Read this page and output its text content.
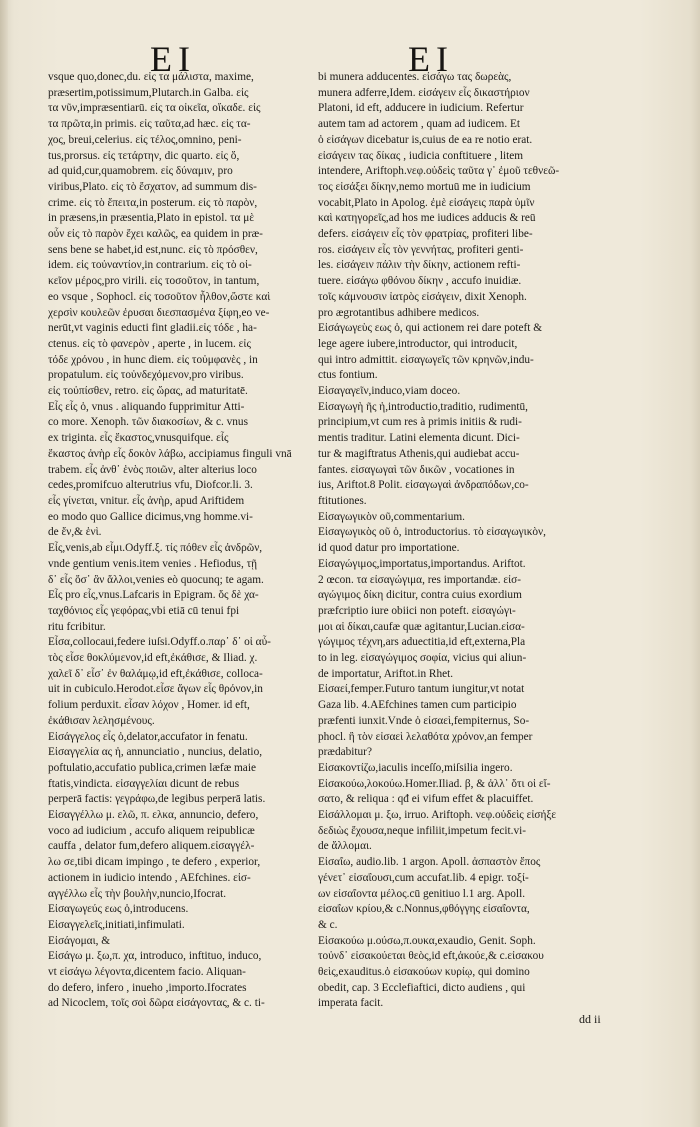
EI	EI
vsque quo,donec,du. εἰς τα μάλιστα, maxime,
præsertim,potissimum,Plutarch.in Galba. εἰς
τα νῦν,impræsentiarū. εἰς τα οἰκεῖα, οἴκαδε. εἰς
τα πρῶτα,in primis. εἰς ταῦτα,ad hæc. εἰς τα-
χος, breui,celerius. εἰς τέλος,omnino, peni-
tus,prorsus. εἰς τετάρτην, dic quarto. εἰς ὅ,
ad quid,cur,quamobrem. εἰς δύναμιν, pro
viribus,Plato. εἰς τὸ ἔσχατον, ad summum dis-
crime. εἰς τὸ ἔπειτα,in posterum. εἰς τὸ παρὸν,
in præsens,in præsentia,Plato in epistol. τα μὲ
οὖν εἰς τὸ παρὸν ἔχει καλῶς, ea quidem in præ-
sens bene se habet,id est,nunc. εἰς τὸ πρόσθεν,
idem. εἰς τοὐναντίον,in contrarium. εἰς τὸ οἰ-
κεῖον μέρος,pro virili. εἰς τοσοῦτον, in tantum,
eo vsque , Sophocl. εἰς τοσοῦτον ἦλθον,ὥστε καὶ
χερσὶν κουλεῶν ἐρυσαι διεσπασμένα ξίφη,eo ve-
nerūt,vt vaginis educti fint gladii.εἰς τόδε , ha-
ctenus. εἰς τὸ φανερὸν , aperte , in lucem. εἰς
τόδε χρόνου , in hunc diem. εἰς τοὐμφανὲς , in
propatulum. εἰς τοὐνδεχόμενον,pro viribus.
εἰς τοὐπίσθεν, retro. εἰς ὥρας, ad maturitatē.
Εἷς εἷς ὁ, vnus . aliquando fupprimitur Atti-
co more. Xenoph. τῶν διακοσίων, & c. vnus
ex triginta. εἷς ἕκαστος,vnusquifque. εἷς
ἕκαστος ἀνὴρ εἷς δοκὸν λάβω, accipiamus finguli vnā
trabem. εἷς ἀνθ᾽ ἑνὸς ποιῶν, alter alterius loco
cedes,promifcuo alterutrius vfu, Diofcor.li. 3.
εἷς γίνεται, vnitur. εἷς ἀνὴρ, apud Ariftidem
eo modo quo Gallice dicimus,vng homme.vi-
de ἕν,& ἑνὶ.
Εἷς,venis,ab εἶμι.Odyff.ξ. τίς πόθεν εἷς ἀνδρῶν,
vnde gentium venis.item venies . Hefiodus, τῇ
δ᾽ εἷς ὅσ᾽ ἂν ἄλλοι,venies eò quocunq; te agam.
Εἷς pro εἷς,vnus.Lafcaris in Epigram. ὅς δὲ χα-
ταχθόνιος εἷς γεφόρας,vbi etiā cū tenui fpi
ritu fcribitur.
Εἷσα,collocaui,federe iuſsi.Odyff.ο.παρ᾽ δ᾽ οἱ αὖ-
τὸς εἷσε θοκλύμενον,id eft,ἐκάθισε, & Iliad. χ.
χαλεῖ δ᾽ εἷσ᾽ ἐν θαλάμῳ,id eft,ἐκάθισε, colloca-
uit in cubiculo.Herodot.εἷσε ἄγων εἷς θρόνον,in
folium perduxit. εἷσαν λόχον , Homer. id eft,
ἐκάθισαν λελησμένους.
Εἰσάγγελος εἷς ὁ,delator,accufator in fenatu.
Εἰσαγγελία ας ἡ, annunciatio , nuncius, delatio,
poftulatio,accufatio publica,crimen læfæ maie
ftatis,vindicta. εἰσαγγελίαι dicunt de rebus
perperā factis: γεγράφω,de legibus perperā latis.
Εἰσαγγέλλω μ. ελῶ, π. ελκα, annuncio, defero,
voco ad iudicium , accufo aliquem reipublicæ
cauffa , delator fum,defero aliquem.εἰσαγγέλ-
λω σε,tibi dicam impingo , te defero , experior,
actionem in iudicio intendo , AEfchines. εἰσ-
αγγέλλω εἷς τὴν βουλὴν,nuncio,Ifocrat.
Εἰσαγωγεύς εως ὁ,introducens.
Εἰσαγγελεῖς,initiati,infimulati.
Εἰσάγομαι, &
Εἰσάγω μ. ξω,π. χα, introduco, inftituo, induco,
vt εἰσάγω λέγοντα,dicentem facio. Aliquan-
do defero, infero , inueho ,importo.Ifocrates
ad Nicoclem, τοῖς σοὶ δῶρα εἰσάγοντας, & c. ti-
bi munera adducentes. εἰσάγω τας δωρεὰς,
munera adferre,Idem. εἰσάγειν εἷς δικαστήριον
Platoni, id eft, adducere in iudicium. Refertur
autem tam ad actorem , quam ad iudicem. Et
ὁ εἰσάγων dicebatur is,cuius de ea re notio erat.
εἰσάγειν τας δίκας , iudicia conftituere , litem
intendere, Ariftoph.νεφ.οὐδεὶς ταῦτα γ᾽ ἐμοῦ τεθνεῶ-
τος εἰσάξει δίκην,nemo mortuū me in iudicium
vocabit,Plato in Apolog. ἐμὲ εἰσάγεις παρὰ ὑμῖν
καὶ κατηγορεῖς,ad hos me iudices adducis & reū
defers. εἰσάγειν εἷς τὸν φρατρίας, profiteri libe-
ros. εἰσάγειν εἷς τὸν γεννήτας, profiteri genti-
les. εἰσάγειν πάλιν τὴν δίκην, actionem refti-
tuere. εἰσάγω φθόνου δίκην , accufo inuidiæ.
τοῖς κάμνουσιν ἰατρὸς εἰσάγειν, dixit Xenoph.
pro ægrotantibus adhibere medicos.
Εἰσάγωγεὺς εως ὁ, qui actionem rei dare poteft &
lege agere iubere,introductor, qui introducit,
qui intro admittit. εἰσαγωγεῖς τῶν κρηνῶν,indu-
ctus fontium.
Εἰσαγαγεῖν,induco,viam doceo.
Εἰσαγωγὴ ῆς ἡ,introductio,traditio, rudimentū,
principium,vt cum res à primis initiis & rudi-
mentis traditur. Latini elementa dicunt. Dici-
tur & magiftratus Athenis,qui audiebat accu-
fantes. εἰσαγωγαὶ τῶν δικῶν , vocationes in
ius, Ariftot.8 Polit. εἰσαγωγαὶ ἀνδραπόδων,co-
ftitutiones.
Εἰσαγωγικὸν οῦ,commentarium.
Εἰσαγωγικὸς οῦ ὁ, introductorius. τὸ εἰσαγωγικὸν,
id quod datur pro importatione.
Εἰσαγώγιμος,importatus,importandus. Ariftot.
2 œcon. τα εἰσαγώγιμα, res importandæ. εἰσ-
αγώγιμος δίκη dicitur, contra cuius exordium
præfcriptio iure obiici non poteft. εἰσαγώγι-
μοι αἱ δίκαι,caufæ quæ agitantur,Lucian.εἰσα-
γώγιμος τέχνη,ars aduectitia,id eft,externa,Pla
to in leg. εἰσαγώγιμος σοφία, vicius qui aliun-
de importatur, Ariftot.in Rhet.
Εἰσαεί,femper.Futuro tantum iungitur,vt notat
Gaza lib. 4.AEfchines tamen cum participio
præfenti iunxit.Vnde ὁ εἰσαεὶ,fempiternus, So-
phocl. ἢ τὸν εἰσαεὶ λελαθότα χρόνον,an femper
prædabitur?
Εἰσακοντίζω,iaculis inceſſo,miſsilia ingero.
Εἰσακούω,λοκούω.Homer.Iliad. β, & ἀλλ᾽ ὅτι οἱ εἴ-
σατο, & reliqua : qđ ei vifum effet & placuiffet.
Εἰσάλλομαι μ. ξω, irruo. Ariftoph. νεφ.οὐδεὶς εἰσήξε
δεδιὼς ἔχουσα,neque infiliit,impetum fecit.vi-
de ἅλλομαι.
Εἰσαΐω, audio.lib. 1 argon. Apoll. ἀσπαστὸν ἔπος
γένετ᾽ εἰσαΐουσι,cum accufat.lib. 4 epigr. τοξί-
ων εἰσαΐοντα μέλος.cū genitiuo l.1 arg. Apoll.
εἰσαΐων κρίου,& c.Nonnus,φθόγγης εἰσαΐοντα,
& c.
Εἰσακούω μ.ούσω,π.ουκα,exaudio, Genit. Soph.
τοὐνδ᾽ εἰσακούεται θεὸς,id eft,ἀκούε,& c.εἰσακου
θεὶς,exauditus.ὁ εἰσακούων κυρίῳ, qui domino
obedit, cap. 3 Ecclefiaftici, dicto audiens , qui
imperata facit.
dd ii
